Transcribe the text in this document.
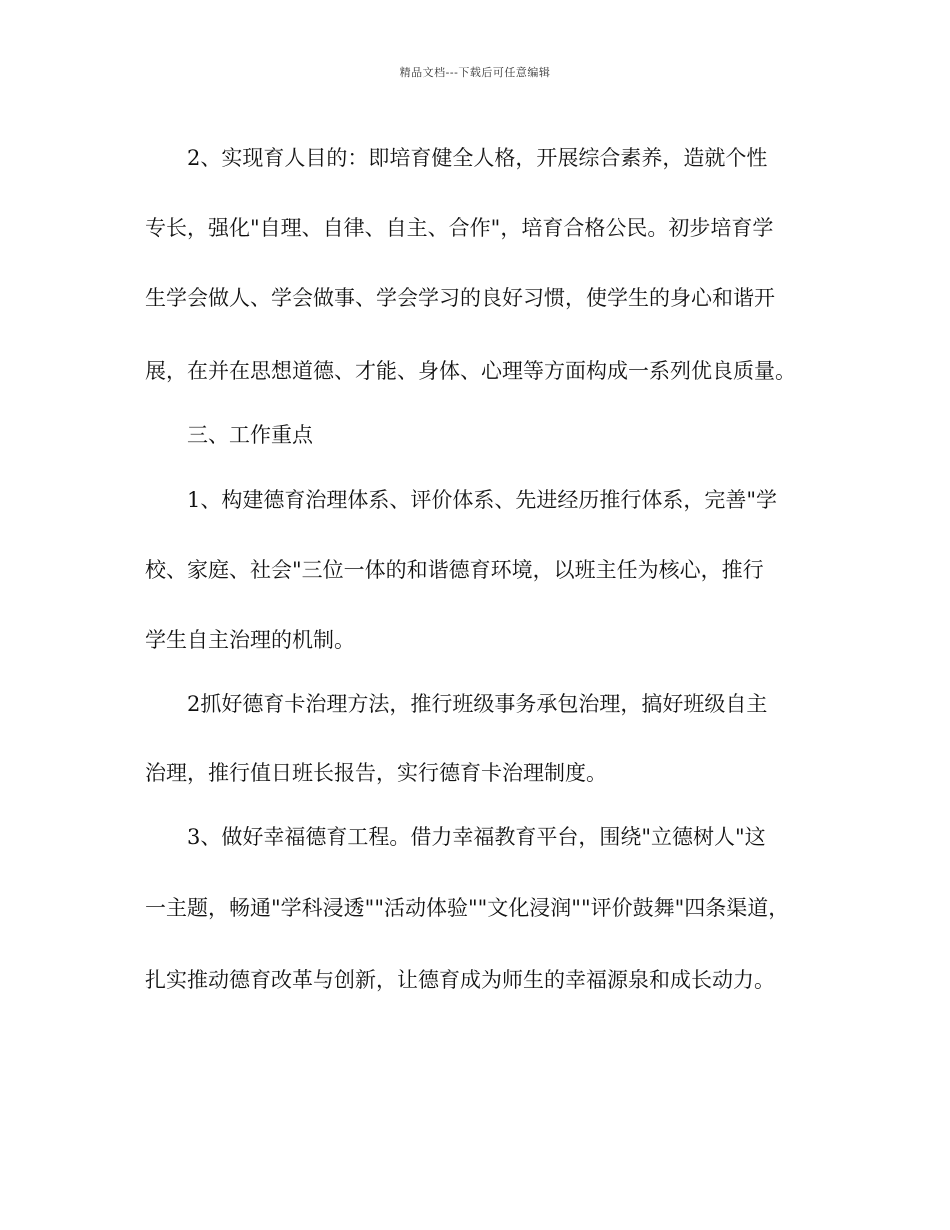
精品文档---下载后可任意编辑
2、实现育人目的：即培育健全人格，开展综合素养，造就个性
专长，强化"自理、自律、自主、合作"，培育合格公民。初步培育学
生学会做人、学会做事、学会学习的良好习惯，使学生的身心和谐开
展，在并在思想道德、才能、身体、心理等方面构成一系列优良质量。
三、工作重点
1、构建德育治理体系、评价体系、先进经历推行体系，完善"学
校、家庭、社会"三位一体的和谐德育环境，以班主任为核心，推行
学生自主治理的机制。
2抓好德育卡治理方法，推行班级事务承包治理，搞好班级自主
治理，推行值日班长报告，实行德育卡治理制度。
3、做好幸福德育工程。借力幸福教育平台，围绕"立德树人"这
一主题，畅通"学科浸透""活动体验""文化浸润""评价鼓舞"四条渠道，
扎实推动德育改革与创新，让德育成为师生的幸福源泉和成长动力。
